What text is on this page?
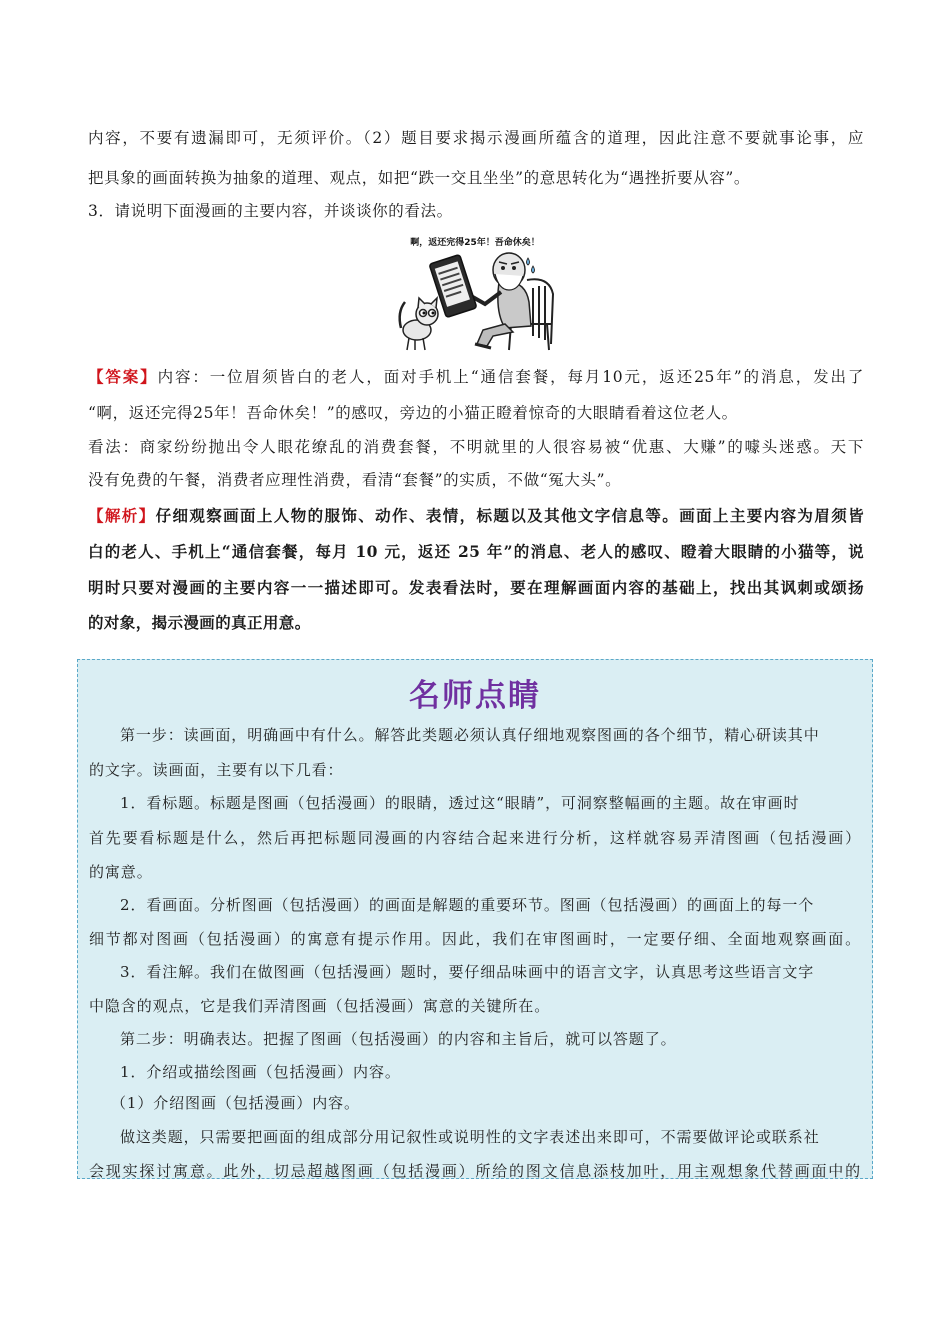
内容，不要有遗漏即可，无须评价。（2）题目要求揭示漫画所蕴含的道理，因此注意不要就事论事，应
把具象的画面转换为抽象的道理、观点，如把“跌一交且坐坐”的意思转化为“遇挫折要从容”。
3．请说明下面漫画的主要内容，并谈谈你的看法。
啊，返还完得25年！吾命休矣！
【答案】内容：一位眉须皆白的老人，面对手机上“通信套餐，每月10元，返还25年”的消息，发出了
“啊，返还完得25年！吾命休矣！”的感叹，旁边的小猫正瞪着惊奇的大眼睛看着这位老人。
看法：商家纷纷抛出令人眼花缭乱的消费套餐，不明就里的人很容易被“优惠、大赚”的噱头迷惑。天下
没有免费的午餐，消费者应理性消费，看清“套餐”的实质，不做“冤大头”。
【解析】仔细观察画面上人物的服饰、动作、表情，标题以及其他文字信息等。画面上主要内容为眉须皆
白的老人、手机上“通信套餐，每月 10 元，返还 25 年”的消息、老人的感叹、瞪着大眼睛的小猫等，说
明时只要对漫画的主要内容一一描述即可。发表看法时，要在理解画面内容的基础上，找出其讽刺或颂扬
的对象，揭示漫画的真正用意。
名师点睛
第一步：读画面，明确画中有什么。解答此类题必须认真仔细地观察图画的各个细节，精心研读其中
的文字。读画面，主要有以下几看：
1．看标题。标题是图画（包括漫画）的眼睛，透过这“眼睛”，可洞察整幅画的主题。故在审画时
首先要看标题是什么，然后再把标题同漫画的内容结合起来进行分析，这样就容易弄清图画（包括漫画）
的寓意。
2．看画面。分析图画（包括漫画）的画面是解题的重要环节。图画（包括漫画）的画面上的每一个
细节都对图画（包括漫画）的寓意有提示作用。因此，我们在审图画时，一定要仔细、全面地观察画面。
3．看注解。我们在做图画（包括漫画）题时，要仔细品味画中的语言文字，认真思考这些语言文字
中隐含的观点，它是我们弄清图画（包括漫画）寓意的关键所在。
第二步：明确表达。把握了图画（包括漫画）的内容和主旨后，就可以答题了。
1．介绍或描绘图画（包括漫画）内容。
（1）介绍图画（包括漫画）内容。
做这类题，只需要把画面的组成部分用记叙性或说明性的文字表述出来即可，不需要做评论或联系社
会现实探讨寓意。此外，切忌超越图画（包括漫画）所给的图文信息添枝加叶，用主观想象代替画面中的
